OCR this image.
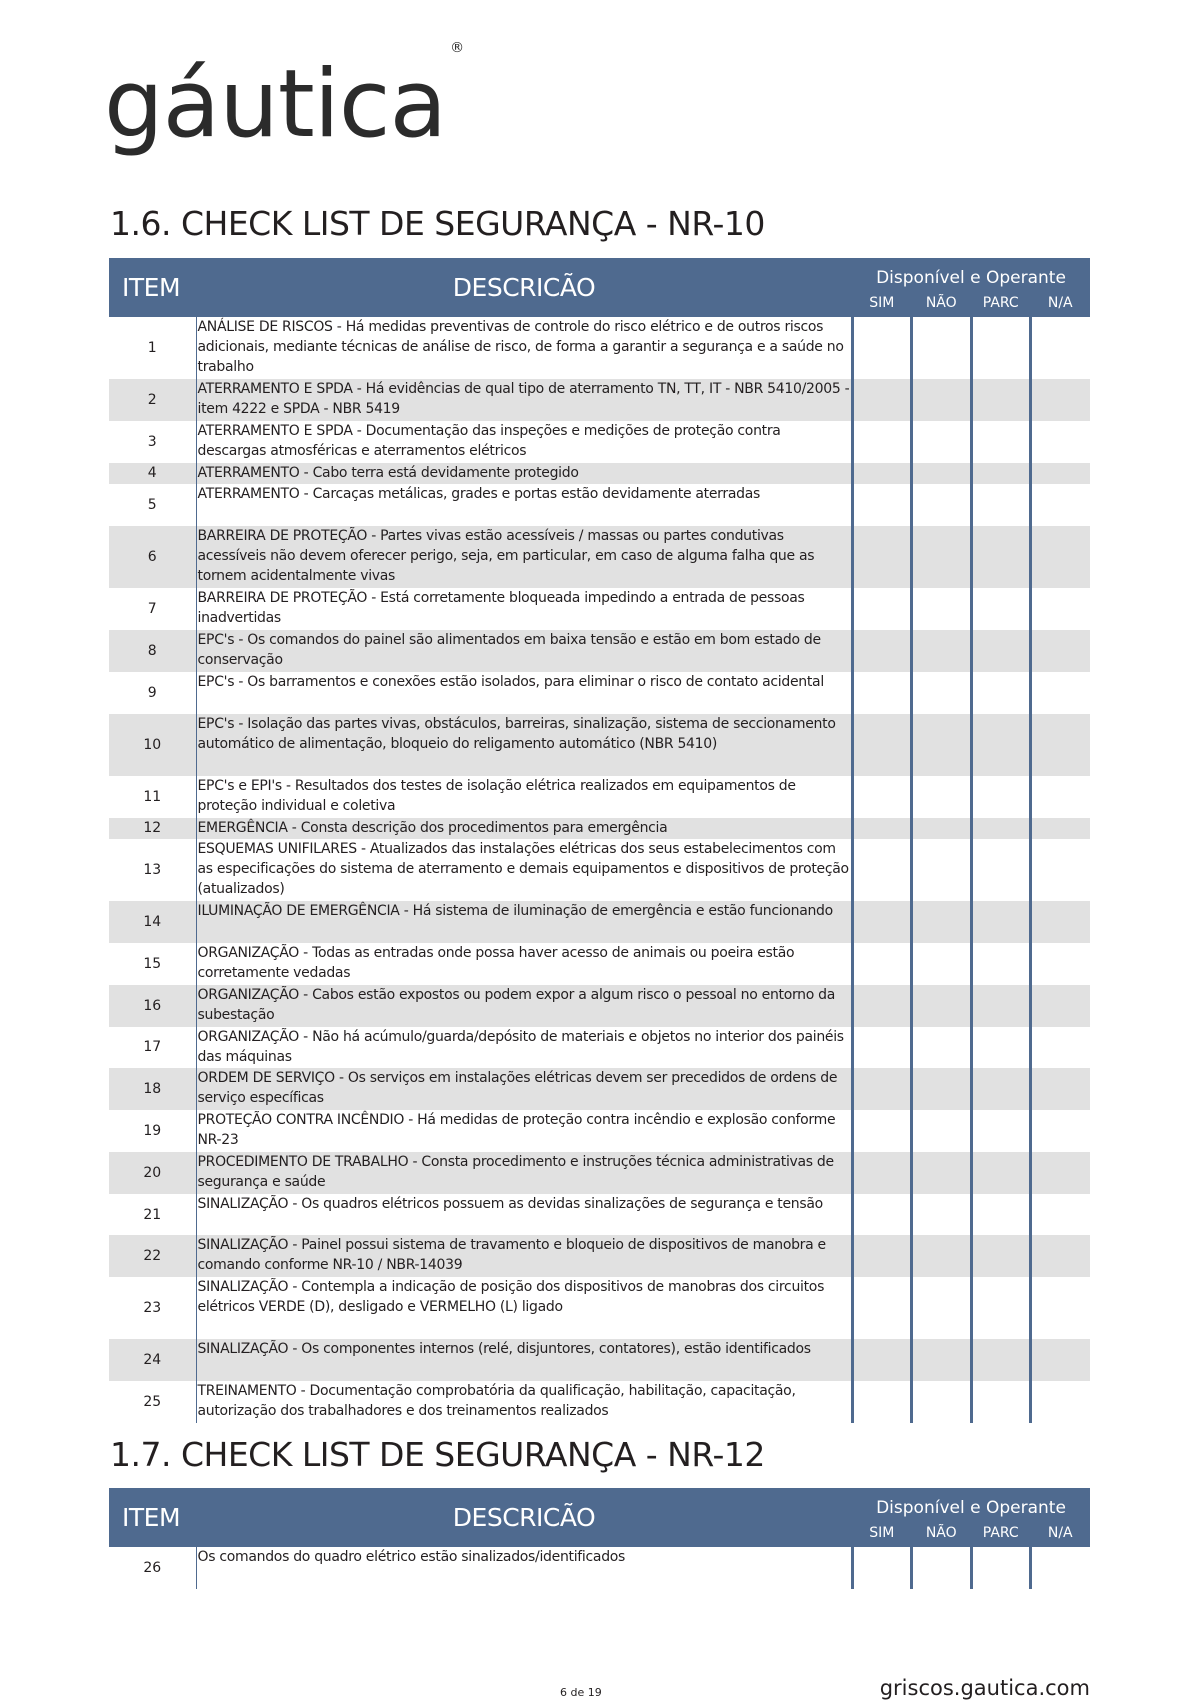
gáutica®
1.6. CHECK LIST DE SEGURANÇA - NR-10
ITEM	DESCRICÃO	Disponível e Operante			
		SIM	NÃO	PARC	N/A
1	ANÁLISE DE RISCOS - Há medidas preventivas de controle do risco elétrico e de outros riscos adicionais, mediante técnicas de análise de risco, de forma a garantir a segurança e a saúde no trabalho				
2	ATERRAMENTO E SPDA - Há evidências de qual tipo de aterramento TN, TT, IT - NBR 5410/2005 - item 4222 e SPDA - NBR 5419				
3	ATERRAMENTO E SPDA - Documentação das inspeções e medições de proteção contra descargas atmosféricas e aterramentos elétricos				
4	ATERRAMENTO - Cabo terra está devidamente protegido				
5	ATERRAMENTO - Carcaças metálicas, grades e portas estão devidamente aterradas				
6	BARREIRA DE PROTEÇÃO - Partes vivas estão acessíveis / massas ou partes condutivas acessíveis não devem oferecer perigo, seja, em particular, em caso de alguma falha que as tornem acidentalmente vivas				
7	BARREIRA DE PROTEÇÃO - Está corretamente bloqueada impedindo a entrada de pessoas inadvertidas				
8	EPC's - Os comandos do painel são alimentados em baixa tensão e estão em bom estado de conservação				
9	EPC's - Os barramentos e conexões estão isolados, para eliminar o risco de contato acidental				
10	EPC's - Isolação das partes vivas, obstáculos, barreiras, sinalização, sistema de seccionamento automático de alimentação, bloqueio do religamento automático (NBR 5410)				
11	EPC's e EPI's - Resultados dos testes de isolação elétrica realizados em equipamentos de proteção individual e coletiva				
12	EMERGÊNCIA - Consta descrição dos procedimentos para emergência				
13	ESQUEMAS UNIFILARES - Atualizados das instalações elétricas dos seus estabelecimentos com as especificações do sistema de aterramento e demais equipamentos e dispositivos de proteção (atualizados)				
14	ILUMINAÇÃO DE EMERGÊNCIA - Há sistema de iluminação de emergência e estão funcionando				
15	ORGANIZAÇÃO - Todas as entradas onde possa haver acesso de animais ou poeira estão corretamente vedadas				
16	ORGANIZAÇÃO - Cabos estão expostos ou podem expor a algum risco o pessoal no entorno da subestação				
17	ORGANIZAÇÃO - Não há acúmulo/guarda/depósito de materiais e objetos no interior dos painéis das máquinas				
18	ORDEM DE SERVIÇO - Os serviços em instalações elétricas devem ser precedidos de ordens de serviço específicas				
19	PROTEÇÃO CONTRA INCÊNDIO - Há medidas de proteção contra incêndio e explosão conforme NR-23				
20	PROCEDIMENTO DE TRABALHO - Consta procedimento e instruções técnica administrativas de segurança e saúde				
21	SINALIZAÇÃO - Os quadros elétricos possuem as devidas sinalizações de segurança e tensão				
22	SINALIZAÇÃO - Painel possui sistema de travamento e bloqueio de dispositivos de manobra e comando conforme NR-10 / NBR-14039				
23	SINALIZAÇÃO - Contempla a indicação de posição dos dispositivos de manobras dos circuitos elétricos VERDE (D), desligado e VERMELHO (L) ligado				
24	SINALIZAÇÃO - Os componentes internos (relé, disjuntores, contatores), estão identificados				
25	TREINAMENTO - Documentação comprobatória da qualificação, habilitação, capacitação, autorização dos trabalhadores e dos treinamentos realizados				
1.7. CHECK LIST DE SEGURANÇA - NR-12
ITEM	DESCRICÃO	Disponível e Operante			
		SIM	NÃO	PARC	N/A
26	Os comandos do quadro elétrico estão sinalizados/identificados				
6 de 19	griscos.gautica.com
